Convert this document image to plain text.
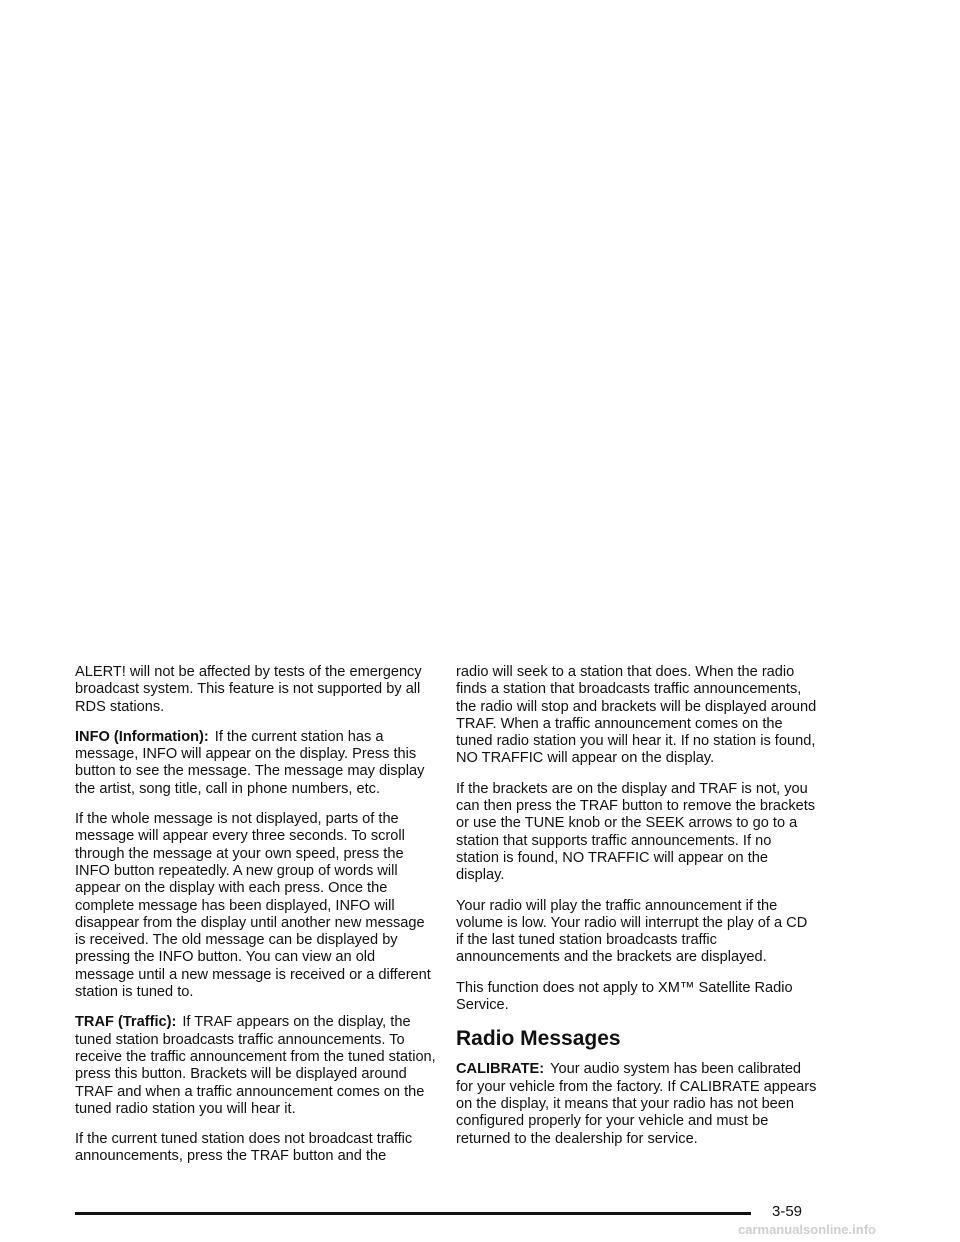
ALERT! will not be affected by tests of the emergency broadcast system. This feature is not supported by all RDS stations.

INFO (Information): If the current station has a message, INFO will appear on the display. Press this button to see the message. The message may display the artist, song title, call in phone numbers, etc.

If the whole message is not displayed, parts of the message will appear every three seconds. To scroll through the message at your own speed, press the INFO button repeatedly. A new group of words will appear on the display with each press. Once the complete message has been displayed, INFO will disappear from the display until another new message is received. The old message can be displayed by pressing the INFO button. You can view an old message until a new message is received or a different station is tuned to.

TRAF (Traffic): If TRAF appears on the display, the tuned station broadcasts traffic announcements. To receive the traffic announcement from the tuned station, press this button. Brackets will be displayed around TRAF and when a traffic announcement comes on the tuned radio station you will hear it.

If the current tuned station does not broadcast traffic announcements, press the TRAF button and the

radio will seek to a station that does. When the radio finds a station that broadcasts traffic announcements, the radio will stop and brackets will be displayed around TRAF. When a traffic announcement comes on the tuned radio station you will hear it. If no station is found, NO TRAFFIC will appear on the display.

If the brackets are on the display and TRAF is not, you can then press the TRAF button to remove the brackets or use the TUNE knob or the SEEK arrows to go to a station that supports traffic announcements. If no station is found, NO TRAFFIC will appear on the display.

Your radio will play the traffic announcement if the volume is low. Your radio will interrupt the play of a CD if the last tuned station broadcasts traffic announcements and the brackets are displayed.

This function does not apply to XM™ Satellite Radio Service.

Radio Messages

CALIBRATE: Your audio system has been calibrated for your vehicle from the factory. If CALIBRATE appears on the display, it means that your radio has not been configured properly for your vehicle and must be returned to the dealership for service.

3-59
carmanualsonline.info
